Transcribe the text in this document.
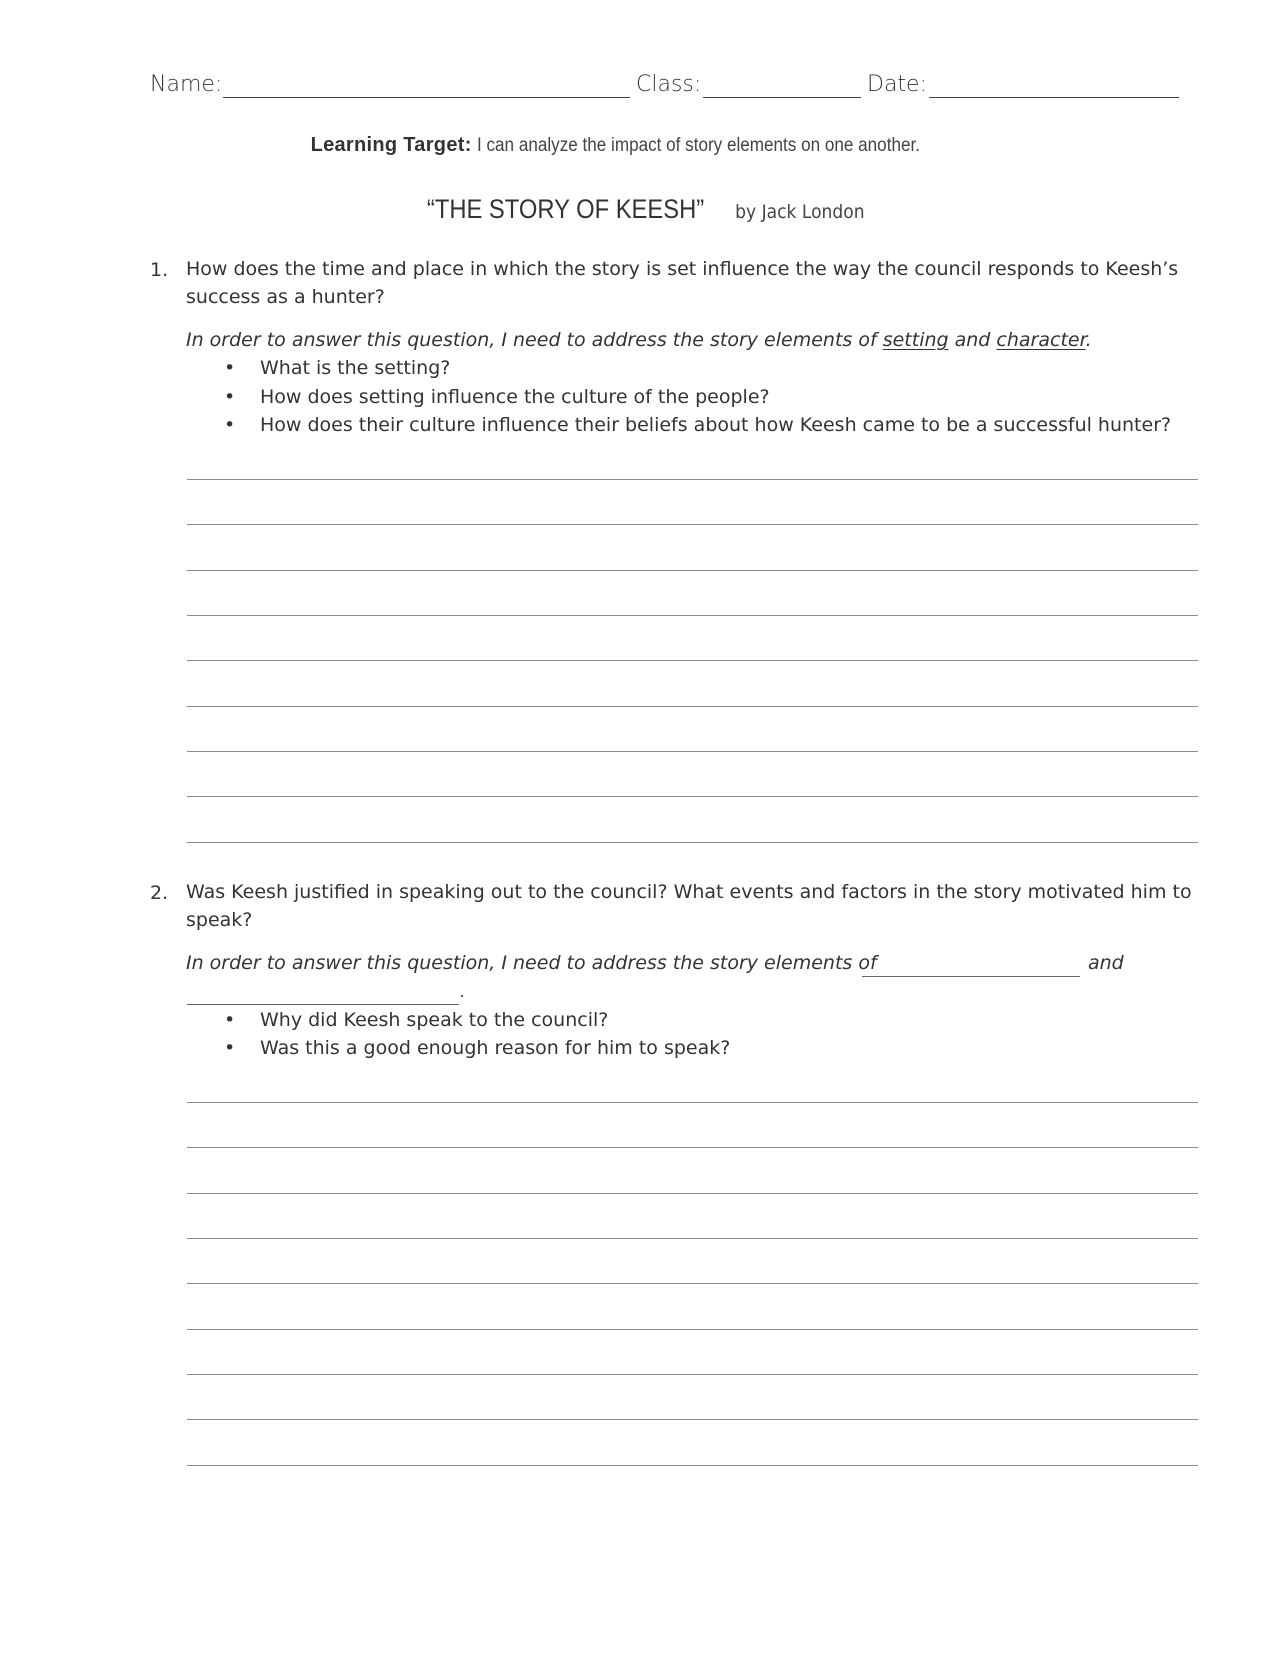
Name:	Class:	Date:
Learning Target: I can analyze the impact of story elements on one another.
“THE STORY OF KEESH” by Jack London
1. How does the time and place in which the story is set influence the way the council responds to Keesh’s
success as a hunter?
In order to answer this question, I need to address the story elements of setting and character.
• What is the setting?
• How does setting influence the culture of the people?
• How does their culture influence their beliefs about how Keesh came to be a successful hunter?
2. Was Keesh justified in speaking out to the council? What events and factors in the story motivated him to
speak?
In order to answer this question, I need to address the story elements of	and
.
• Why did Keesh speak to the council?
• Was this a good enough reason for him to speak?
